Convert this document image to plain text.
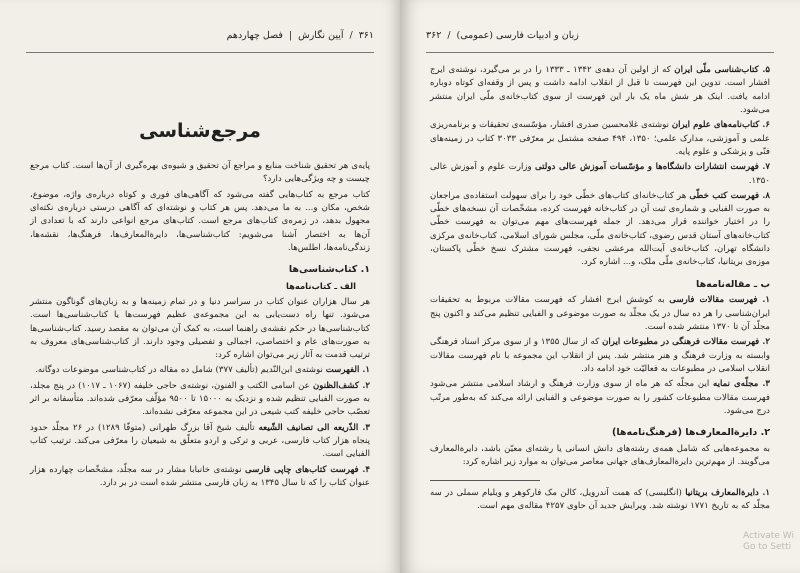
۳۶۱
/
آیین نگارش
|
فصل چهاردهم
مرجع‌شناسی

پایه‌ی هر تحقیق شناخت منابع و مراجع آن تحقیق و شیوه‌ی بهره‌گیری از آن‌ها است. کتاب مرجع چیست و چه ویژگی‌هایی دارد؟

کتاب مرجع به کتاب‌هایی گفته می‌شود که آگاهی‌های فوری و کوتاه درباره‌ی واژه، موضوع، شخص، مکان و... به ما می‌دهد. پس هر کتاب و نوشته‌ای که آگاهی درستی درباره‌ی نکته‌ای مجهول بدهد، در زمره‌ی کتاب‌های مرجع است. کتاب‌های مرجع انواعی دارند که با تعدادی از آن‌ها به اختصار آشنا می‌شویم: کتاب‌شناسی‌ها، دایرةالمعارف‌ها، فرهنگ‌ها، نقشه‌ها، زندگی‌نامه‌ها، اطلس‌ها.

۱. کتاب‌شناسی‌ها
الف ـ کتاب‌نامه‌ها

هر سال هزاران عنوان کتاب در سراسر دنیا و در تمام زمینه‌ها و به زبان‌های گوناگون منتشر می‌شود. تنها راه دست‌یابی به این مجموعه‌ی عظیم فهرست‌ها یا کتاب‌شناسی‌ها است. کتاب‌شناسی‌ها در حکم نقشه‌ی راهنما است، به کمک آن می‌توان به مقصد رسید. کتاب‌شناسی‌ها به صورت‌های عام و اختصاصی، اجمالی و تفصیلی وجود دارند. از کتاب‌شناسی‌های معروف به ترتیب قدمت به آثار زیر می‌توان اشاره کرد:

۱. الفهرست نوشته‌ی ابن‌النّدیم (تألیف ۳۷۷) شامل ده مقاله در کتاب‌شناسی موضوعات دوگانه.

۲. کشف‌الظنون عن اسامی الکتب و الفنون، نوشته‌ی حاجی خلیفه (۱۰۶۷ ـ ۱۰۱۷) در پنج مجلد، به صورت الفبایی تنظیم شده و نزدیک به ۱۵۰۰۰ تا ۹۵۰۰ مؤلّف معرّفی شده‌اند. متأسفانه بر اثر تعصّب حاجی خلیفه کتب شیعی در این مجموعه معرّفی نشده‌اند.

۳. الذّریعه الی تصانیف الشّیعه تألیف شیخ آقا بزرگ طهرانی (متوفّا ۱۲۸۹) در ۲۶ مجلّد حدود پنجاه هزار کتاب فارسی، عربی و ترکی و اردو متعلّق به شیعیان را معرّفی می‌کند. ترتیب کتاب الفبایی است.

۴. فهرست کتاب‌های چاپی فارسی نوشته‌ی خانبابا مشار در سه مجلّد، مشخّصات چهارده هزار عنوان کتاب را که تا سال ۱۳۴۵ به زبان فارسی منتشر شده است در بر دارد.

زبان و ادبیات فارسی (عمومی)
/
۳۶۲

۵. کتاب‌شناسی ملّی ایران که از اولین آن دهه‌ی ۱۳۴۲ ـ ۱۳۳۳ را در بر می‌گیرد، نوشته‌ی ایرج افشار است. تدوین این فهرست تا قبل از انقلاب ادامه داشت و پس از وقفه‌ای کوتاه دوباره ادامه یافت. اینک هر شش ماه یک بار این فهرست از سوی کتاب‌خانه‌ی ملّی ایران منتشر می‌شود.

۶. کتاب‌نامه‌های علوم ایران نوشته‌ی غلامحسین صدری افشار، مؤسّسه‌ی تحقیقات و برنامه‌ریزی علمی و آموزشی، مدارک علمی؛ ۱۳۵۰، ۴۹۴ صفحه مشتمل بر معرّفی ۳۰۳۳ کتاب در زمینه‌های فنّی و پزشکی و علوم پایه.

۷. فهرست انتشارات دانشگاه‌ها و مؤسّسات آموزش عالی دولتی وزارت علوم و آموزش عالی ۱۳۵۰.

۸. فهرست کتب خطّی هر کتاب‌خانه‌ای کتاب‌های خطّی خود را برای سهولت استفاده‌ی مراجعان به صورت الفبایی و شماره‌ی ثبت آن در کتاب‌خانه فهرست کرده، مشخّصات آن نسخه‌های خطّی را در اختیار خواننده قرار می‌دهد. از جمله فهرست‌های مهم می‌توان به فهرست خطّی کتاب‌خانه‌های آستان قدس رضوی، کتاب‌خانه‌ی ملّی، مجلس شورای اسلامی، کتاب‌خانه‌ی مرکزی دانشگاه تهران، کتاب‌خانه‌ی آیت‌الله مرعشی نجفی، فهرست مشترک نسخ خطّی پاکستان، موزه‌ی بریتانیا، کتاب‌خانه‌ی ملّی ملک، و... اشاره کرد.

ب ـ مقاله‌نامه‌ها

۱. فهرست مقالات فارسی به کوشش ایرج افشار که فهرست مقالات مربوط به تحقیقات ایران‌شناسی را هر ده سال در یک مجلّد به صورت موضوعی و الفبایی تنظیم می‌کند و اکنون پنج مجلّد آن تا ۱۳۷۰ منتشر شده است.

۲. فهرست مقالات فرهنگی در مطبوعات ایران که از سال ۱۳۵۵ و از سوی مرکز اسناد فرهنگی وابسته به وزارت فرهنگ و هنر منتشر شد. پس از انقلاب این مجموعه با نام فهرست مقالات انقلاب اسلامی در مطبوعات به فعالیّت خود ادامه داد.

۳. مجلّه‌ی نمایه این مجلّه که هر ماه از سوی وزارت فرهنگ و ارشاد اسلامی منتشر می‌شود فهرست مقالات مطبوعات کشور را به صورت موضوعی و الفبایی ارائه می‌کند که به‌طور مرتّب درج می‌شود.

۲. دایرةالمعارف‌ها (فرهنگ‌نامه‌ها)

به مجموعه‌هایی که شامل همه‌ی رشته‌های دانش انسانی یا رشته‌ای معیّن باشد، دایرةالمعارف می‌گویند. از مهم‌ترین دایرةالمعارف‌های جهانی معاصر می‌توان به موارد زیر اشاره کرد:

۱. دایرةالمعارف بریتانیا (انگلیسی) که همت آندرویل، کالن مک فارکوهر و ویلیام سملی در سه مجلّد که به تاریخ ۱۷۷۱ نوشته شد. ویرایش جدید آن حاوی ۴۲۵۷ مقاله‌ی مهم است.

Activate Wi
Go to Setti
